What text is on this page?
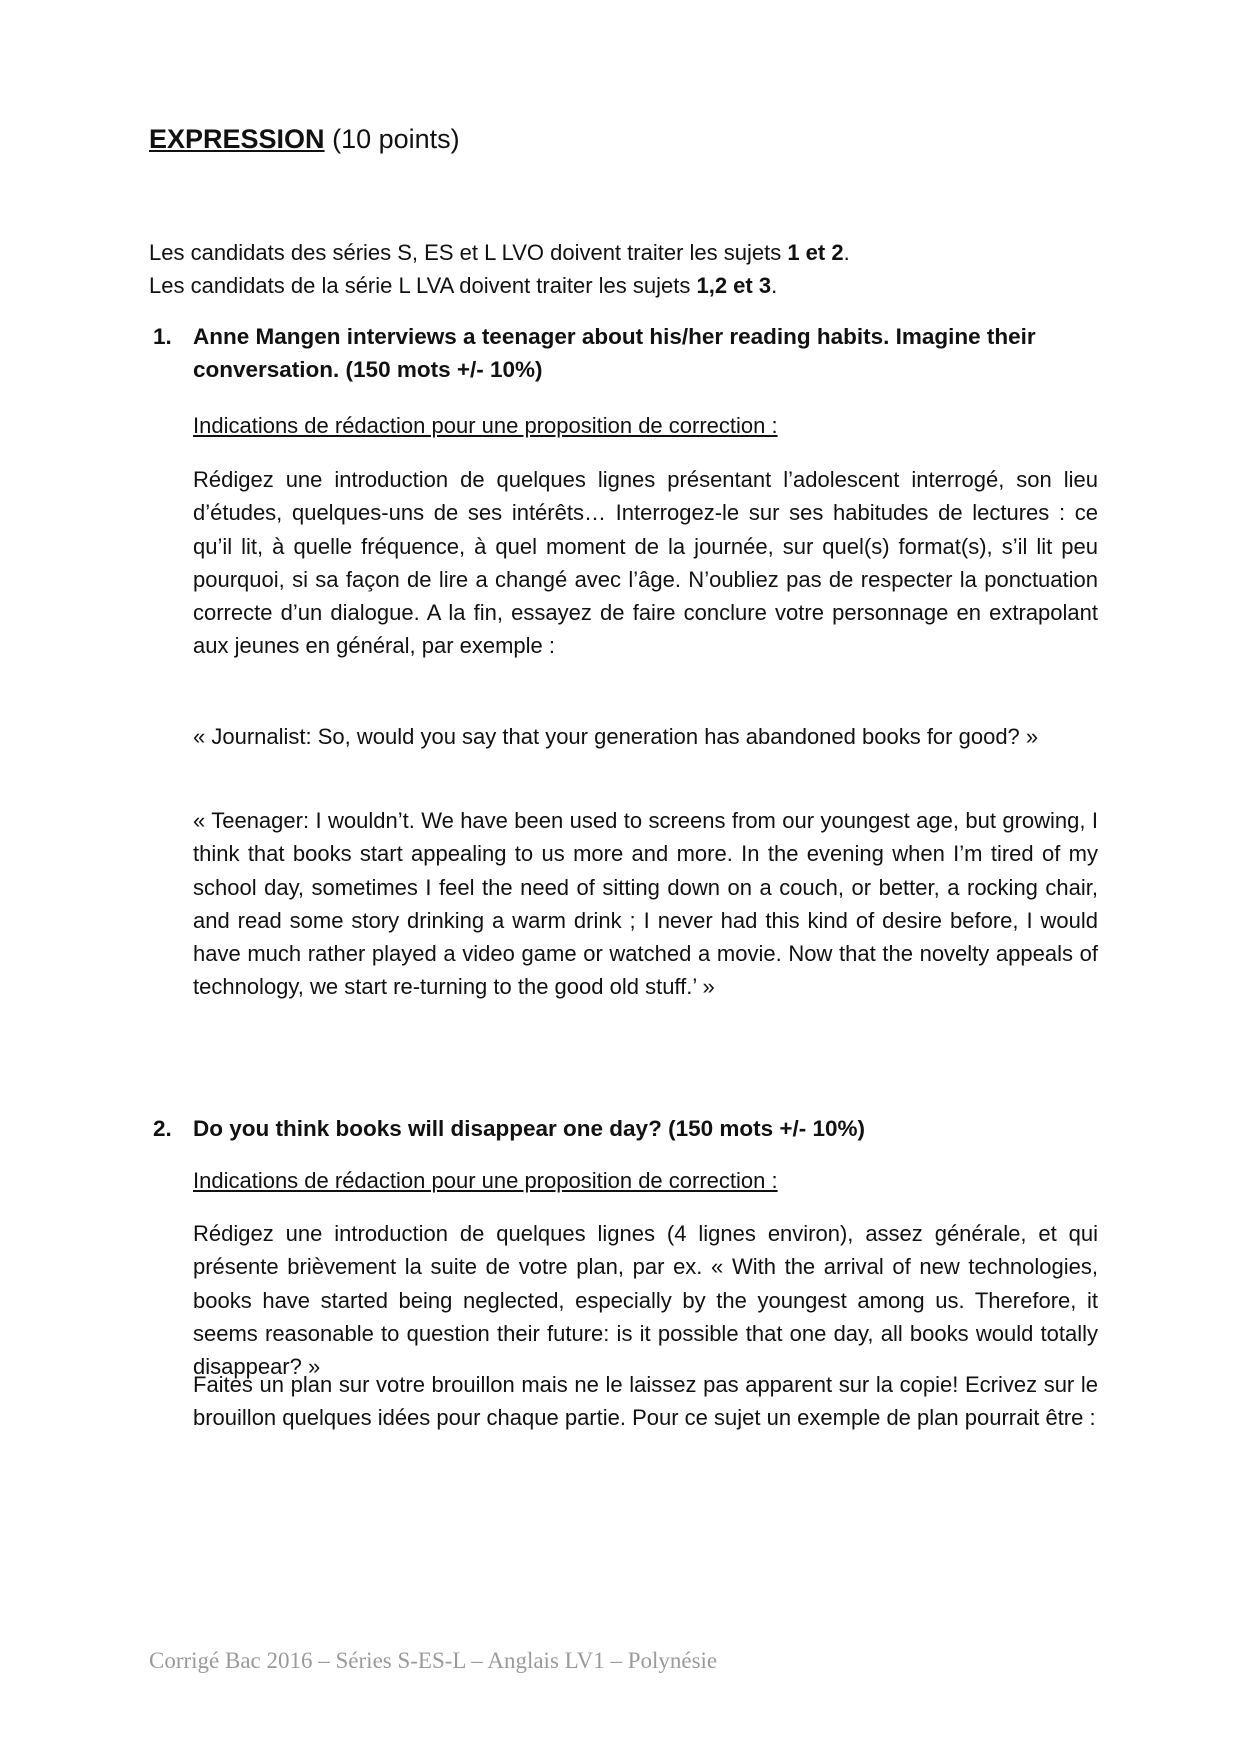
EXPRESSION (10 points)
Les candidats des séries S, ES et L LVO doivent traiter les sujets 1 et 2.
Les candidats de la série L LVA doivent traiter les sujets 1,2 et 3.
1. Anne Mangen interviews a teenager about his/her reading habits. Imagine their conversation. (150 mots +/- 10%)

Indications de rédaction pour une proposition de correction :

Rédigez une introduction de quelques lignes présentant l’adolescent interrogé, son lieu d’études, quelques-uns de ses intérêts… Interrogez-le sur ses habitudes de lectures : ce qu’il lit, à quelle fréquence, à quel moment de la journée, sur quel(s) format(s), s’il lit peu pourquoi, si sa façon de lire a changé avec l’âge. N’oubliez pas de respecter la ponctuation correcte d’un dialogue. A la fin, essayez de faire conclure votre personnage en extrapolant aux jeunes en général, par exemple :

« Journalist: So, would you say that your generation has abandoned books for good? »

« Teenager: I wouldn’t. We have been used to screens from our youngest age, but growing, I think that books start appealing to us more and more. In the evening when I’m tired of my school day, sometimes I feel the need of sitting down on a couch, or better, a rocking chair, and read some story drinking a warm drink ; I never had this kind of desire before, I would have much rather played a video game or watched a movie. Now that the novelty appeals of technology, we start re-turning to the good old stuff.’ »

2. Do you think books will disappear one day? (150 mots +/- 10%)

Indications de rédaction pour une proposition de correction :

Rédigez une introduction de quelques lignes (4 lignes environ), assez générale, et qui présente brièvement la suite de votre plan, par ex. « With the arrival of new technologies, books have started being neglected, especially by the youngest among us. Therefore, it seems reasonable to question their future: is it possible that one day, all books would totally disappear? »

Faites un plan sur votre brouillon mais ne le laissez pas apparent sur la copie! Ecrivez sur le brouillon quelques idées pour chaque partie. Pour ce sujet un exemple de plan pourrait être :

Corrigé Bac 2016 – Séries S-ES-L – Anglais LV1 – Polynésie
